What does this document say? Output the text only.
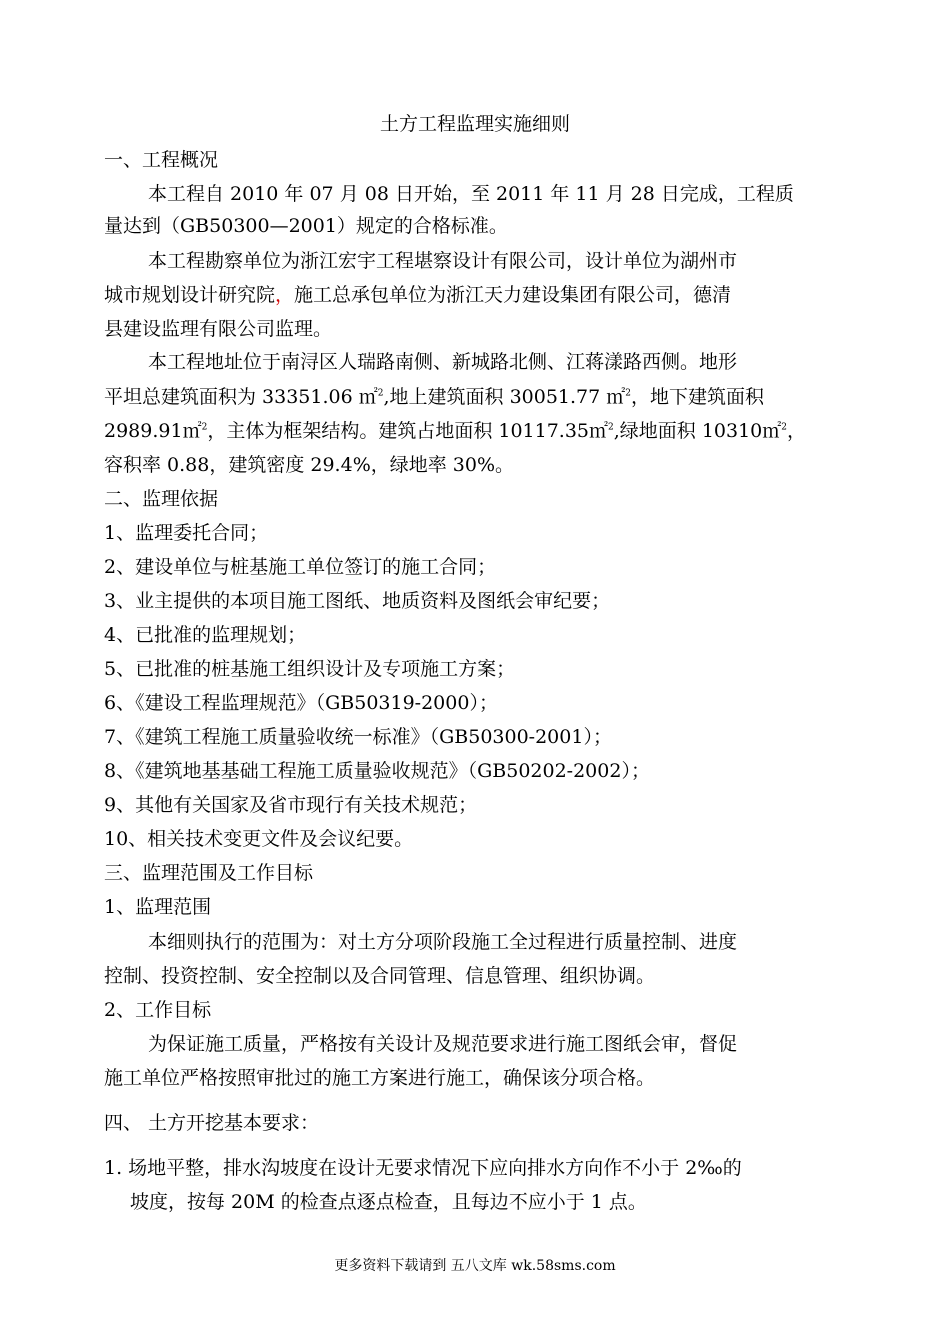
土方工程监理实施细则
一、工程概况
本工程自 2010 年 07 月 08 日开始，至 2011 年 11 月 28 日完成，工程质
量达到（GB50300—2001）规定的合格标准。
本工程勘察单位为浙江宏宇工程堪察设计有限公司，设计单位为湖州市
城市规划设计研究院，施工总承包单位为浙江天力建设集团有限公司，德清
县建设监理有限公司监理。
本工程地址位于南浔区人瑞路南侧、新城路北侧、江蒋漾路西侧。地形
平坦总建筑面积为 33351.06 ㎡$^2$,地上建筑面积 30051.77 ㎡$^2$，地下建筑面积
2989.91㎡$^2$，主体为框架结构。建筑占地面积 10117.35㎡$^2$,绿地面积 10310㎡$^2$，
容积率 0.88，建筑密度 29.4%，绿地率 30%。
二、监理依据
1、监理委托合同；
2、建设单位与桩基施工单位签订的施工合同；
3、业主提供的本项目施工图纸、地质资料及图纸会审纪要；
4、已批准的监理规划；
5、已批准的桩基施工组织设计及专项施工方案；
6、《建设工程监理规范》（GB50319-2000）；
7、《建筑工程施工质量验收统一标准》（GB50300-2001）；
8、《建筑地基基础工程施工质量验收规范》（GB50202-2002）；
9、其他有关国家及省市现行有关技术规范；
10、相关技术变更文件及会议纪要。
三、监理范围及工作目标
1、监理范围
本细则执行的范围为：对土方分项阶段施工全过程进行质量控制、进度
控制、投资控制、安全控制以及合同管理、信息管理、组织协调。
2、工作目标
为保证施工质量，严格按有关设计及规范要求进行施工图纸会审，督促
施工单位严格按照审批过的施工方案进行施工，确保该分项合格。
四、 土方开挖基本要求：
1. 场地平整，排水沟坡度在设计无要求情况下应向排水方向作不小于 2‰的
坡度，按每 20M 的检查点逐点检查，且每边不应小于 1 点。
更多资料下载请到 五八文库 wk.58sms.com
